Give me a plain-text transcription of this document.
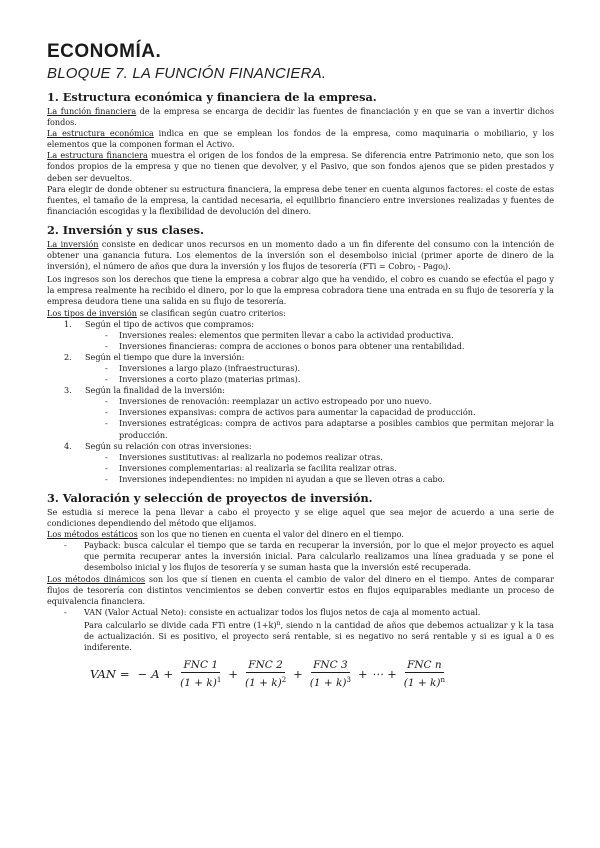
ECONOMÍA.
BLOQUE 7. LA FUNCIÓN FINANCIERA.
1. Estructura económica y financiera de la empresa.

La función financiera de la empresa se encarga de decidir las fuentes de financiación y en que se van a invertir dichos fondos.

La estructura económica indica en que se emplean los fondos de la empresa, como maquinaria o mobiliario, y los elementos que la componen forman el Activo.

La estructura financiera muestra el origen de los fondos de la empresa. Se diferencia entre Patrimonio neto, que son los fondos propios de la empresa y que no tienen que devolver, y el Pasivo, que son fondos ajenos que se piden prestados y deben ser devueltos.

Para elegir de donde obtener su estructura financiera, la empresa debe tener en cuenta algunos factores: el coste de estas fuentes, el tamaño de la empresa, la cantidad necesaria, el equilibrio financiero entre inversiones realizadas y fuentes de financiación escogidas y la flexibilidad de devolución del dinero.

2. Inversión y sus clases.

La inversión consiste en dedicar unos recursos en un momento dado a un fin diferente del consumo con la intención de obtener una ganancia futura. Los elementos de la inversión son el desembolso inicial (primer aporte de dinero de la inversión), el número de años que dura la inversión y los flujos de tesorería (FTi = Cobroi - Pagoi).

Los ingresos son los derechos que tiene la empresa a cobrar algo que ha vendido, el cobro es cuando se efectúa el pago y la empresa realmente ha recibido el dinero, por lo que la empresa cobradora tiene una entrada en su flujo de tesorería y la empresa deudora tiene una salida en su flujo de tesorería.

Los tipos de inversión se clasifican según cuatro criterios:

1. Según el tipo de activos que compramos:
- Inversiones reales: elementos que permiten llevar a cabo la actividad productiva.
- Inversiones financieras: compra de acciones o bonos para obtener una rentabilidad.
2. Según el tiempo que dure la inversión:
- Inversiones a largo plazo (infraestructuras).
- Inversiones a corto plazo (materias primas).
3. Según la finalidad de la inversión:
- Inversiones de renovación: reemplazar un activo estropeado por uno nuevo.
- Inversiones expansivas: compra de activos para aumentar la capacidad de producción.
- Inversiones estratégicas: compra de activos para adaptarse a posibles cambios que permitan mejorar la producción.
4. Según su relación con otras inversiones:
- Inversiones sustitutivas: al realizarla no podemos realizar otras.
- Inversiones complementarias: al realizarla se facilita realizar otras.
- Inversiones independientes: no impiden ni ayudan a que se lleven otras a cabo.
3. Valoración y selección de proyectos de inversión.

Se estudia si merece la pena llevar a cabo el proyecto y se elige aquel que sea mejor de acuerdo a una serie de condiciones dependiendo del método que elijamos.

Los métodos estáticos son los que no tienen en cuenta el valor del dinero en el tiempo.

- Payback: busca calcular el tiempo que se tarda en recuperar la inversión, por lo que el mejor proyecto es aquel que permita recuperar antes la inversión inicial. Para calcularlo realizamos una línea graduada y se pone el desembolso inicial y los flujos de tesorería y se suman hasta que la inversión esté recuperada.

Los métodos dinámicos son los que sí tienen en cuenta el cambio de valor del dinero en el tiempo. Antes de comparar flujos de tesorería con distintos vencimientos se deben convertir estos en flujos equiparables mediante un proceso de equivalencia financiera.

- VAN (Valor Actual Neto): consiste en actualizar todos los flujos netos de caja al momento actual.
Para calcularlo se divide cada FTi entre $(1+k)^n$, siendo n la cantidad de años que debemos actualizar y k la tasa de actualización. Si es positivo, el proyecto será rentable, si es negativo no será rentable y si es igual a 0 es indiferente.
VAN = − $A + \frac{\text{FNC 1}}{(1 + k)^1} + \frac{\text{FNC 2}}{(1 + k)^2} + \frac{\text{FNC 3}}{(1 + k)^3}$ + ⋯ + $\frac{\text{FNC n}}{(1 + k)^n}$
